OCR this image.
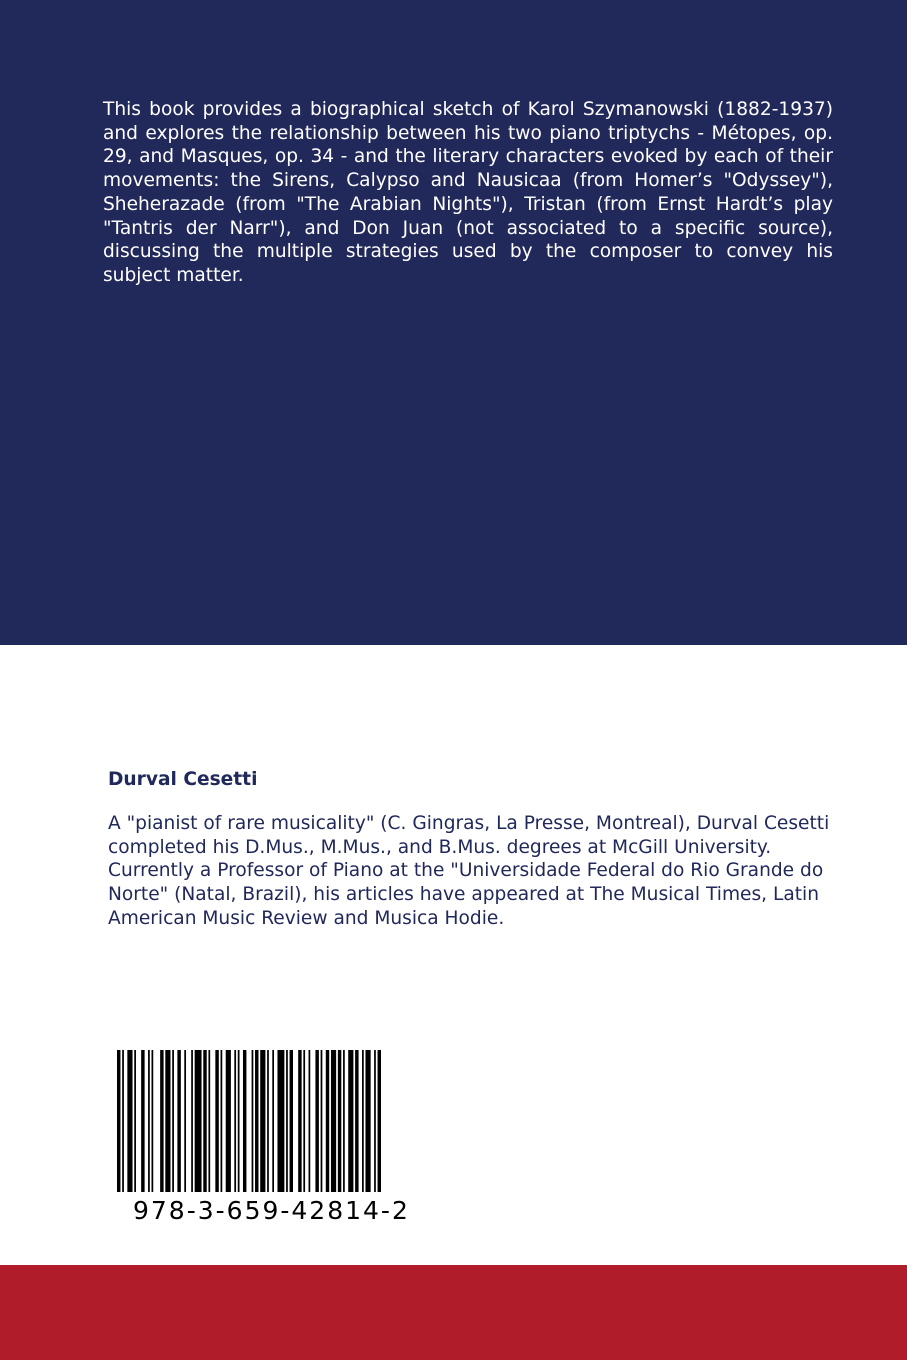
This book provides a biographical sketch of Karol Szymanowski (1882-1937) and explores the relationship between his two piano triptychs - Métopes, op. 29, and Masques, op. 34 - and the literary characters evoked by each of their movements: the Sirens, Calypso and Nausicaa (from Homer’s "Odyssey"), Sheherazade (from "The Arabian Nights"), Tristan (from Ernst Hardt’s play "Tantris der Narr"), and Don Juan (not associated to a specific source), discussing the multiple strategies used by the composer to convey his subject matter.

Durval Cesetti

A "pianist of rare musicality" (C. Gingras, La Presse, Montreal), Durval Cesetti completed his D.Mus., M.Mus., and B.Mus. degrees at McGill University. Currently a Professor of Piano at the "Universidade Federal do Rio Grande do Norte" (Natal, Brazil), his articles have appeared at The Musical Times, Latin American Music Review and Musica Hodie.

978-3-659-42814-2
